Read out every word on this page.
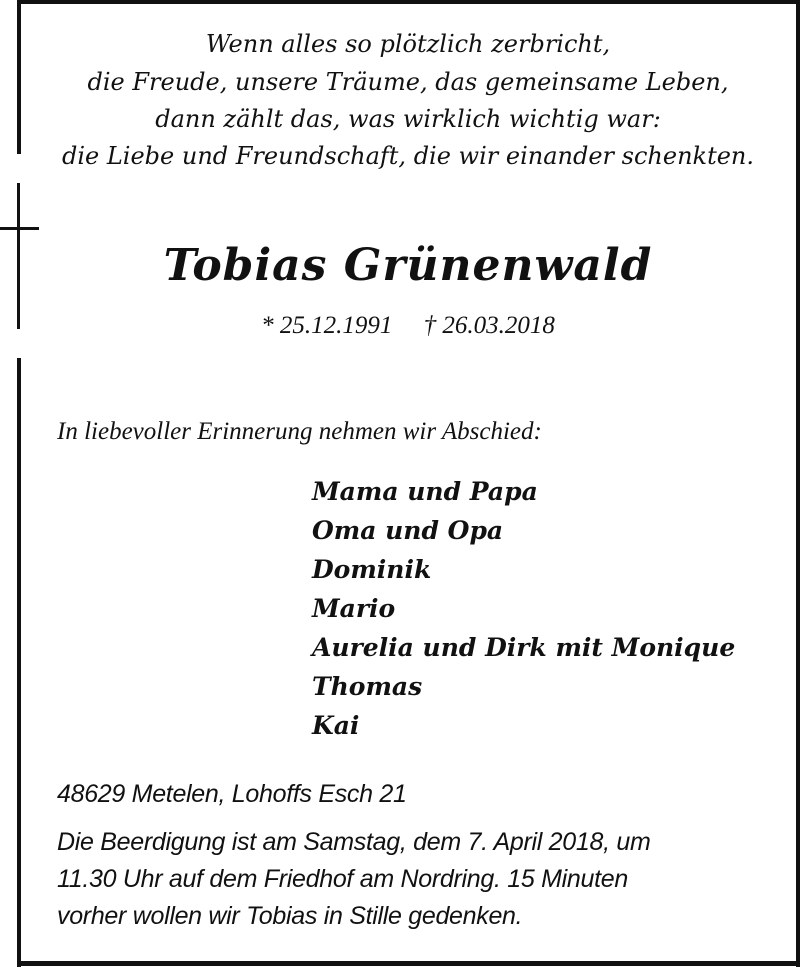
Wenn alles so plötzlich zerbricht,
die Freude, unsere Träume, das gemeinsame Leben,
dann zählt das, was wirklich wichtig war:
die Liebe und Freundschaft, die wir einander schenkten.
Tobias Grünenwald
* 25.12.1991     † 26.03.2018
In liebevoller Erinnerung nehmen wir Abschied:
Mama und Papa
Oma und Opa
Dominik
Mario
Aurelia und Dirk mit Monique
Thomas
Kai
48629 Metelen, Lohoffs Esch 21
Die Beerdigung ist am Samstag, dem 7. April 2018, um
11.30 Uhr auf dem Friedhof am Nordring. 15 Minuten
vorher wollen wir Tobias in Stille gedenken.
